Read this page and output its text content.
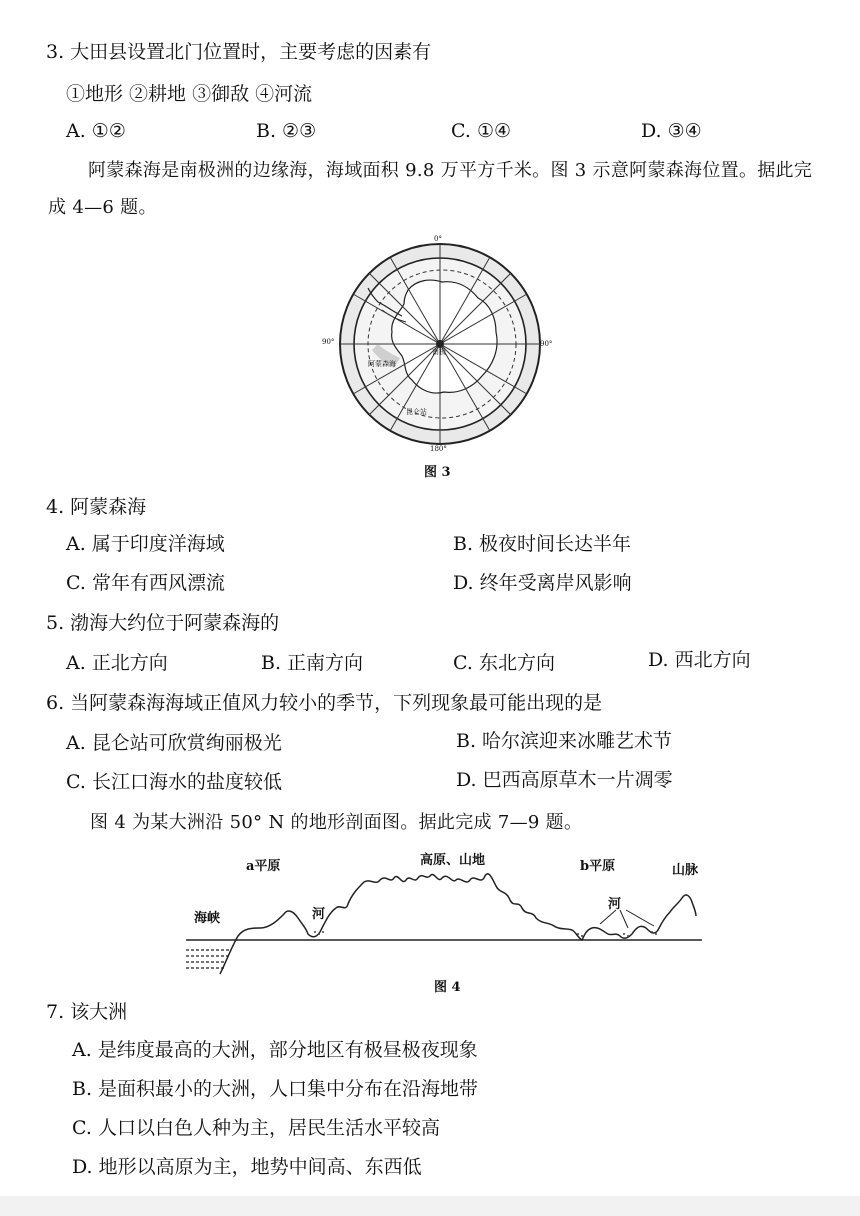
3. 大田县设置北门位置时，主要考虑的因素有
①地形 ②耕地 ③御敌 ④河流
A. ①②	B. ②③	C. ①④	D. ③④
阿蒙森海是南极洲的边缘海，海域面积 9.8 万平方千米。图 3 示意阿蒙森海位置。据此完
成 4—6 题。
0°
90°	90°
180°
阿蒙森海
南极
昆仑站
图 3
4. 阿蒙森海
A. 属于印度洋海域	B. 极夜时间长达半年
C. 常年有西风漂流	D. 终年受离岸风影响
5. 渤海大约位于阿蒙森海的
A. 正北方向	B. 正南方向	C. 东北方向	D. 西北方向
6. 当阿蒙森海海域正值风力较小的季节，下列现象最可能出现的是
A. 昆仑站可欣赏绚丽极光	B. 哈尔滨迎来冰雕艺术节
C. 长江口海水的盐度较低	D. 巴西高原草木一片凋零
图 4 为某大洲沿 50° N 的地形剖面图。据此完成 7—9 题。
海峡
a平原	高原、山地	b平原	山脉
河
河
图 4
7. 该大洲
A. 是纬度最高的大洲，部分地区有极昼极夜现象
B. 是面积最小的大洲，人口集中分布在沿海地带
C. 人口以白色人种为主，居民生活水平较高
D. 地形以高原为主，地势中间高、东西低
